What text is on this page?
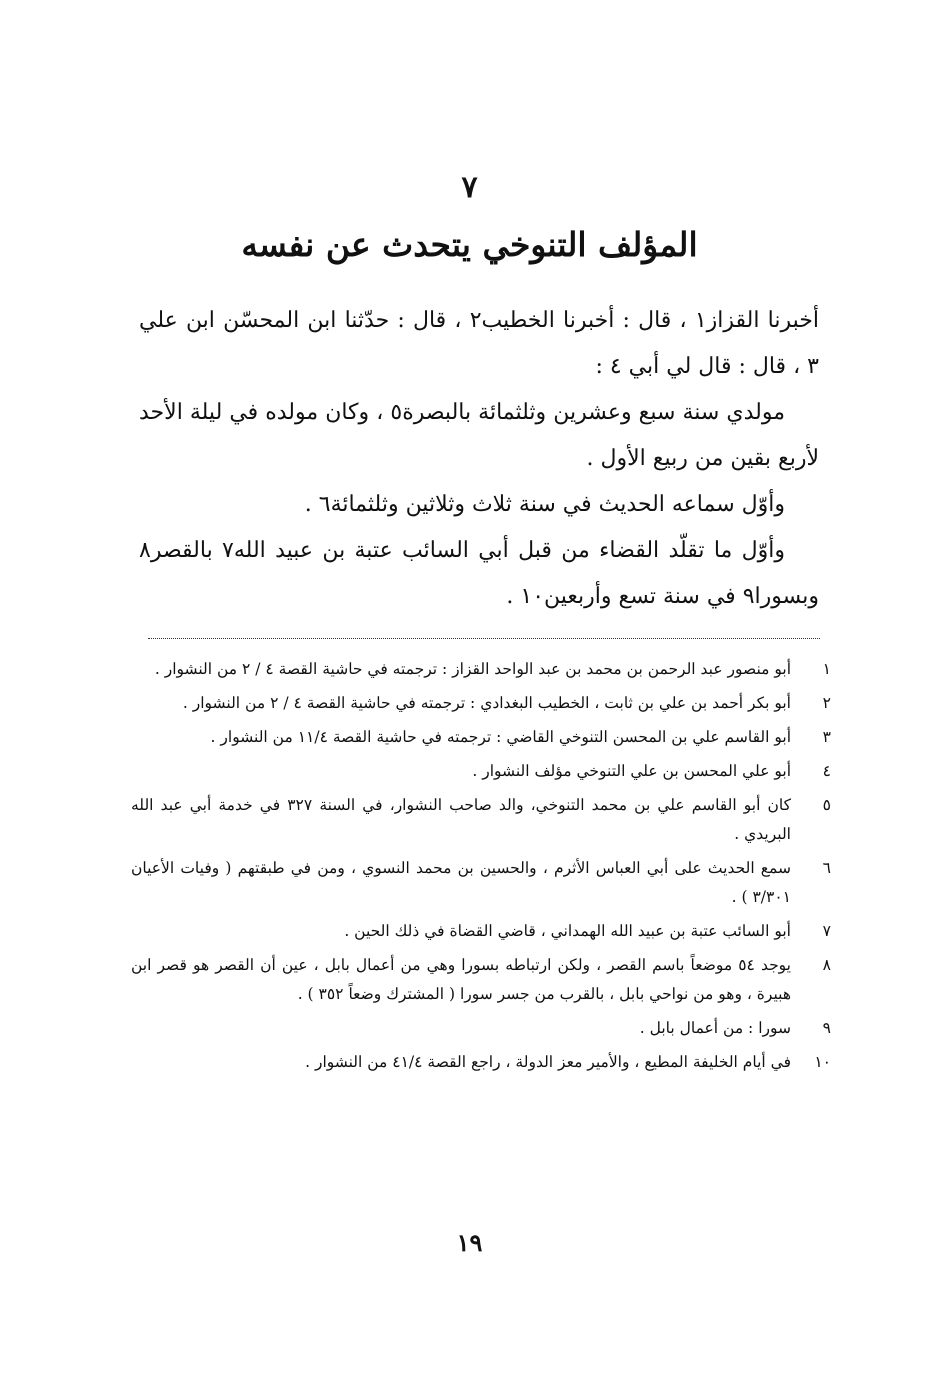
٧
المؤلف التنوخي يتحدث عن نفسه

أخبرنا القزاز١ ، قال : أخبرنا الخطيب٢ ، قال : حدّثنا ابن المحسّن ابن علي ٣ ، قال : قال لي أبي ٤ :

مولدي سنة سبع وعشرين وثلثمائة بالبصرة٥ ، وكان مولده في ليلة الأحد لأربع بقين من ربيع الأول .

وأوّل سماعه الحديث في سنة ثلاث وثلاثين وثلثمائة٦ .

وأوّل ما تقلّد القضاء من قبل أبي السائب عتبة بن عبيد الله٧ بالقصر٨ وبسورا٩ في سنة تسع وأربعين١٠ .

١
أبو منصور عبد الرحمن بن محمد بن عبد الواحد القزاز : ترجمته في حاشية القصة ٤ / ٢ من النشوار .
٢
أبو بكر أحمد بن علي بن ثابت ، الخطيب البغدادي : ترجمته في حاشية القصة ٤ / ٢ من النشوار .
٣
أبو القاسم علي بن المحسن التنوخي القاضي : ترجمته في حاشية القصة ١١/٤ من النشوار .
٤
أبو علي المحسن بن علي التنوخي مؤلف النشوار .
٥
كان أبو القاسم علي بن محمد التنوخي، والد صاحب النشوار، في السنة ٣٢٧ في خدمة أبي عبد الله البريدي .
٦
سمع الحديث على أبي العباس الأثرم ، والحسين بن محمد النسوي ، ومن في طبقتهم ( وفيات الأعيان ٣/٣٠١ ) .
٧
أبو السائب عتبة بن عبيد الله الهمداني ، قاضي القضاة في ذلك الحين .
٨
يوجد ٥٤ موضعاً باسم القصر ، ولكن ارتباطه بسورا وهي من أعمال بابل ، عين أن القصر هو قصر ابن هبيرة ، وهو من نواحي بابل ، بالقرب من جسر سورا ( المشترك وضعاً ٣٥٢ ) .
٩
سورا : من أعمال بابل .
١٠
في أيام الخليفة المطيع ، والأمير معز الدولة ، راجع القصة ٤١/٤ من النشوار .
١٩
